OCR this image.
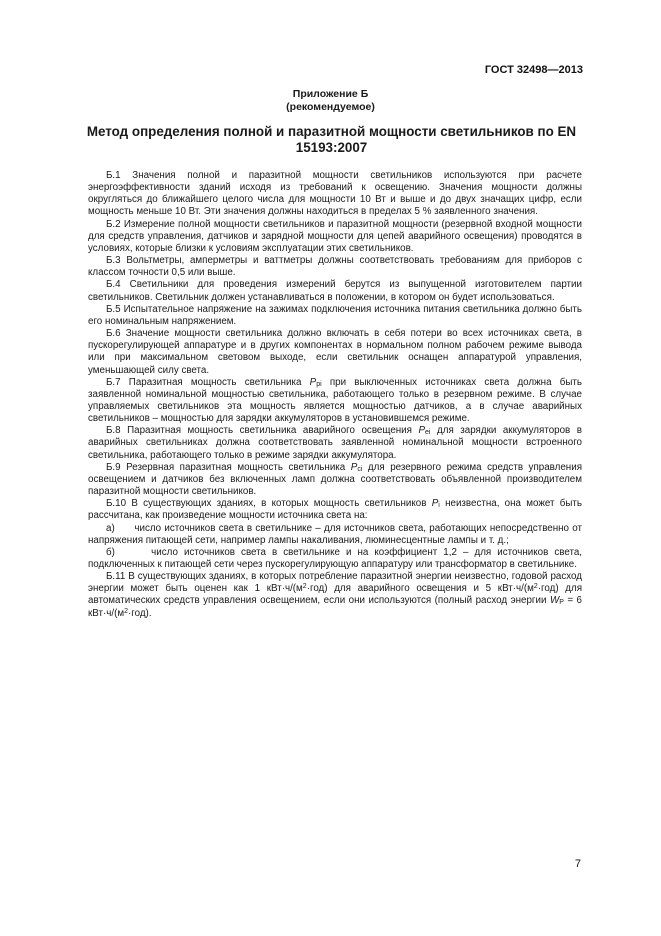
ГОСТ 32498—2013
Приложение Б
(рекомендуемое)
Метод определения полной и паразитной мощности светильников по EN 15193:2007

Б.1 Значения полной и паразитной мощности светильников используются при расчете энергоэффективности зданий исходя из требований к освещению. Значения мощности должны округляться до ближайшего целого числа для мощности 10 Вт и выше и до двух значащих цифр, если мощность меньше 10 Вт. Эти значения должны находиться в пределах 5 % заявленного значения.

Б.2 Измерение полной мощности светильников и паразитной мощности (резервной входной мощности для средств управления, датчиков и зарядной мощности для цепей аварийного освещения) проводятся в условиях, которые близки к условиям эксплуатации этих светильников.

Б.3 Вольтметры, амперметры и ваттметры должны соответствовать требованиям для приборов с классом точности 0,5 или выше.

Б.4 Светильники для проведения измерений берутся из выпущенной изготовителем партии светильников. Светильник должен устанавливаться в положении, в котором он будет использоваться.

Б.5 Испытательное напряжение на зажимах подключения источника питания светильника должно быть его номинальным напряжением.

Б.6 Значение мощности светильника должно включать в себя потери во всех источниках света, в пускорегулирующей аппаратуре и в других компонентах в нормальном полном рабочем режиме вывода или при максимальном световом выходе, если светильник оснащен аппаратурой управления, уменьшающей силу света.

Б.7 Паразитная мощность светильника $P_{pi}$ при выключенных источниках света должна быть заявленной номинальной мощностью светильника, работающего только в резервном режиме. В случае управляемых светильников эта мощность является мощностью датчиков, а в случае аварийных светильников – мощностью для зарядки аккумуляторов в установившемся режиме.

Б.8 Паразитная мощность светильника аварийного освещения $P_{ei}$ для зарядки аккумуляторов в аварийных светильниках должна соответствовать заявленной номинальной мощности встроенного светильника, работающего только в режиме зарядки аккумулятора.

Б.9 Резервная паразитная мощность светильника $P_{ci}$ для резервного режима средств управления освещением и датчиков без включенных ламп должна соответствовать объявленной производителем паразитной мощности светильников.

Б.10 В существующих зданиях, в которых мощность светильников $P_i$ неизвестна, она может быть рассчитана, как произведение мощности источника света на:

а)      число источников света в светильнике – для источников света, работающих непосредственно от напряжения питающей сети, например лампы накаливания, люминесцентные лампы и т. д.;

б)      число источников света в светильнике и на коэффициент 1,2 – для источников света, подключенных к питающей сети через пускорегулирующую аппаратуру или трансформатор в светильнике.

Б.11 В существующих зданиях, в которых потребление паразитной энергии неизвестно, годовой расход энергии может быть оценен как 1 $кВт\cdot ч/(м^2\cdot год)$ для аварийного освещения и 5 $кВт\cdot ч/(м^2\cdot год)$ для автоматических средств управления освещением, если они используются (полный расход энергии $W_P = 6$ $кВт\cdot ч/(м^2\cdot год)$.

7
